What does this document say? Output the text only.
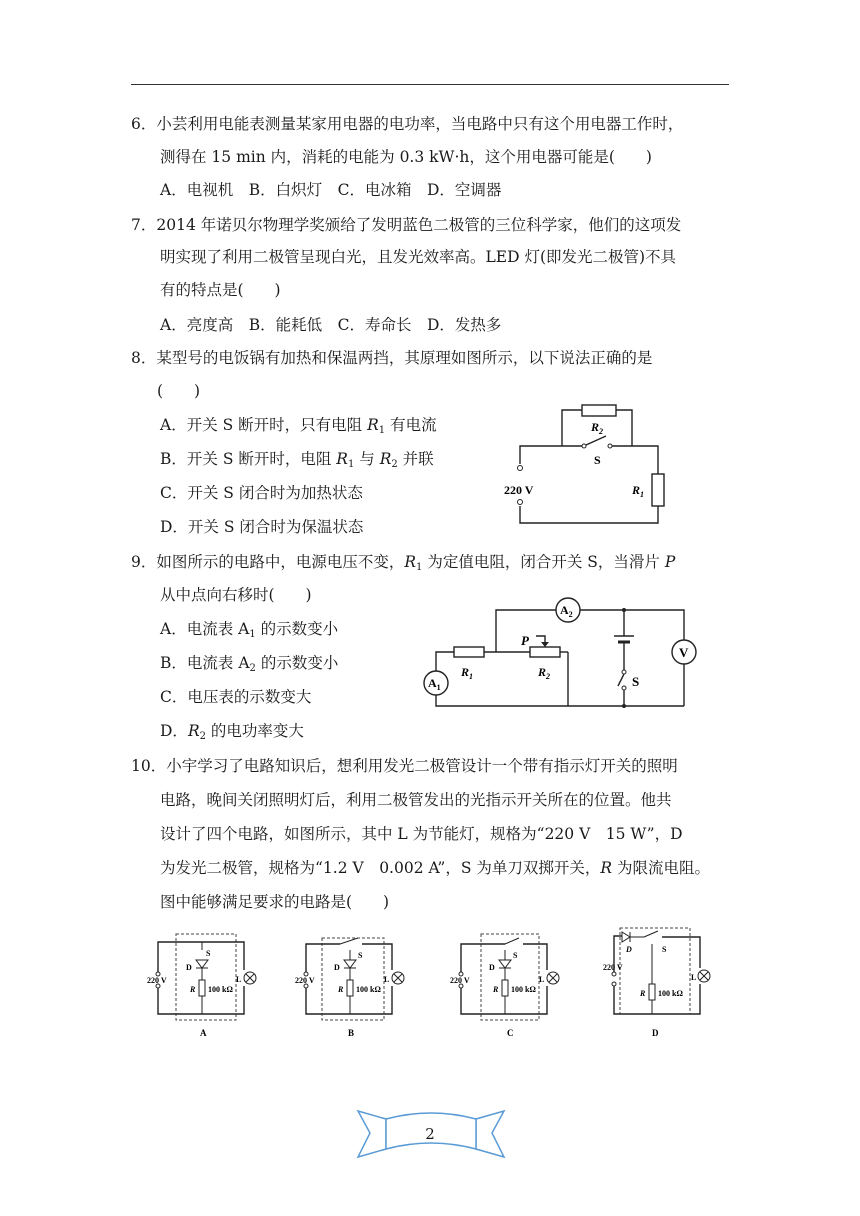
6．小芸利用电能表测量某家用电器的电功率，当电路中只有这个用电器工作时，
测得在 15 min 内，消耗的电能为 0.3 kW·h，这个用电器可能是(　　)
A．电视机　B．白炽灯　C．电冰箱　D．空调器
7．2014 年诺贝尔物理学奖颁给了发明蓝色二极管的三位科学家，他们的这项发
明实现了利用二极管呈现白光，且发光效率高。LED 灯(即发光二极管)不具
有的特点是(　　)
A．亮度高　B．能耗低　C．寿命长　D．发热多
8．某型号的电饭锅有加热和保温两挡，其原理如图所示，以下说法正确的是
(　　)
A．开关 S 断开时，只有电阻 $R_1$ 有电流
B．开关 S 断开时，电阻 $R_1$ 与 $R_2$ 并联
C．开关 S 闭合时为加热状态
D．开关 S 闭合时为保温状态
220 V
$R_2$
S
$R_1$
9．如图所示的电路中，电源电压不变，$R_1$ 为定值电阻，闭合开关 S，当滑片 P
从中点向右移时(　　)
A．电流表 $A_1$ 的示数变小
B．电流表 $A_2$ 的示数变小
C．电压表的示数变大
D．$R_2$ 的电功率变大
$A_1$
$R_1$
P
$R_2$
$A_2$
S
V
10．小宇学习了电路知识后，想利用发光二极管设计一个带有指示灯开关的照明
电路，晚间关闭照明灯后，利用二极管发出的光指示开关所在的位置。他共
设计了四个电路，如图所示，其中 L 为节能灯，规格为“220 V　15 W”，D
为发光二极管，规格为“1.2 V　0.002 A”，S 为单刀双掷开关，R 为限流电阻。
图中能够满足要求的电路是(　　)
220 V	L
S
D
R 100 kΩ
A
220 V	L
S
D
R 100 kΩ
B
220 V	L
S
D
R 100 kΩ
C
220 V
L
D	S
R 100 kΩ
D
2
